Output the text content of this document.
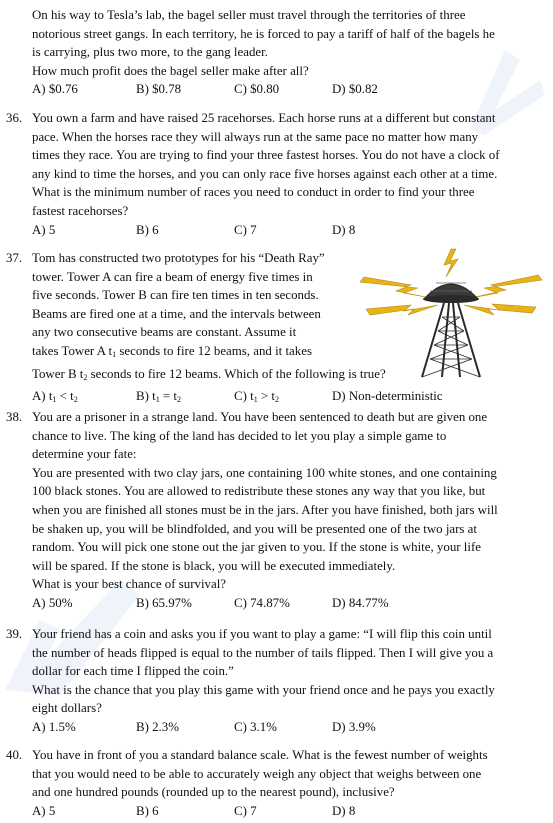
On his way to Tesla’s lab, the bagel seller must travel through the territories of three

notorious street gangs. In each territory, he is forced to pay a tariff of half of the bagels he

is carrying, plus two more, to the gang leader.

How much profit does the bagel seller make after all?

A) $0.76	B) $0.78	C) $0.80	D) $0.82
36. You own a farm and have raised 25 racehorses. Each horse runs at a different but constant

pace. When the horses race they will always run at the same pace no matter how many

times they race. You are trying to find your three fastest horses. You do not have a clock of

any kind to time the horses, and you can only race five horses against each other at a time.

What is the minimum number of races you need to conduct in order to find your three

fastest racehorses?

A) 5	B) 6	C) 7	D) 8
37. Tom has constructed two prototypes for his “Death Ray”

tower. Tower A can fire a beam of energy five times in

five seconds. Tower B can fire ten times in ten seconds.

Beams are fired one at a time, and the intervals between

any two consecutive beams are constant. Assume it

takes Tower A $t_1$ seconds to fire 12 beams, and it takes

Tower B $t_2$ seconds to fire 12 beams. Which of the following is true?

A) $t_1 < t_2$	B) $t_1 = t_2$	C) $t_1 > t_2$	D) Non-deterministic
38. You are a prisoner in a strange land. You have been sentenced to death but are given one

chance to live. The king of the land has decided to let you play a simple game to

determine your fate:

You are presented with two clay jars, one containing 100 white stones, and one containing

100 black stones. You are allowed to redistribute these stones any way that you like, but

when you are finished all stones must be in the jars. After you have finished, both jars will

be shaken up, you will be blindfolded, and you will be presented one of the two jars at

random. You will pick one stone out the jar given to you. If the stone is white, your life

will be spared. If the stone is black, you will be executed immediately.

What is your best chance of survival?

A) 50%	B) 65.97%	C) 74.87%	D) 84.77%
39. Your friend has a coin and asks you if you want to play a game: “I will flip this coin until

the number of heads flipped is equal to the number of tails flipped. Then I will give you a

dollar for each time I flipped the coin.”

What is the chance that you play this game with your friend once and he pays you exactly

eight dollars?

A) 1.5%	B) 2.3%	C) 3.1%	D) 3.9%
40. You have in front of you a standard balance scale. What is the fewest number of weights

that you would need to be able to accurately weigh any object that weighs between one

and one hundred pounds (rounded up to the nearest pound), inclusive?

A) 5	B) 6	C) 7	D) 8
